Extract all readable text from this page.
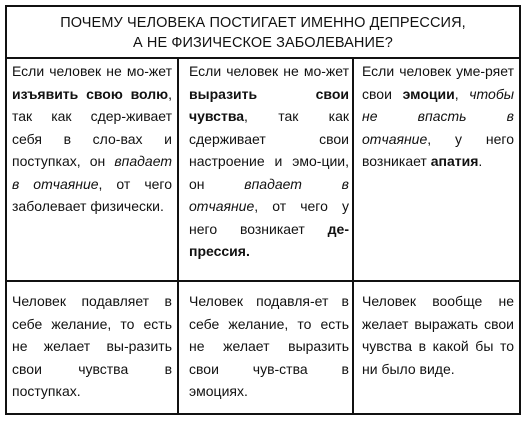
ПОЧЕМУ ЧЕЛОВЕКА ПОСТИГАЕТ ИМЕННО ДЕПРЕССИЯ,
А НЕ ФИЗИЧЕСКОЕ ЗАБОЛЕВАНИЕ?
Если человек не мо-жет изъявить свою волю, так как сдер-живает себя в сло-вах и поступках, он впадает в отчаяние, от чего заболевает физически.
Если человек не мо-жет выразить свои чувства, так как сдерживает свои настроение и эмо-ции, он впадает в отчаяние, от чего у него возникает де-прессия.
Если человек уме-ряет свои эмоции, чтобы не впасть в отчаяние, у него возникает апатия.
Человек подавляет в себе желание, то есть не желает вы-разить свои чувства в поступках.
Человек подавля-ет в себе желание, то есть не желает выразить свои чув-ства в эмоциях.
Человек вообще не желает выражать свои чувства в какой бы то ни было виде.
